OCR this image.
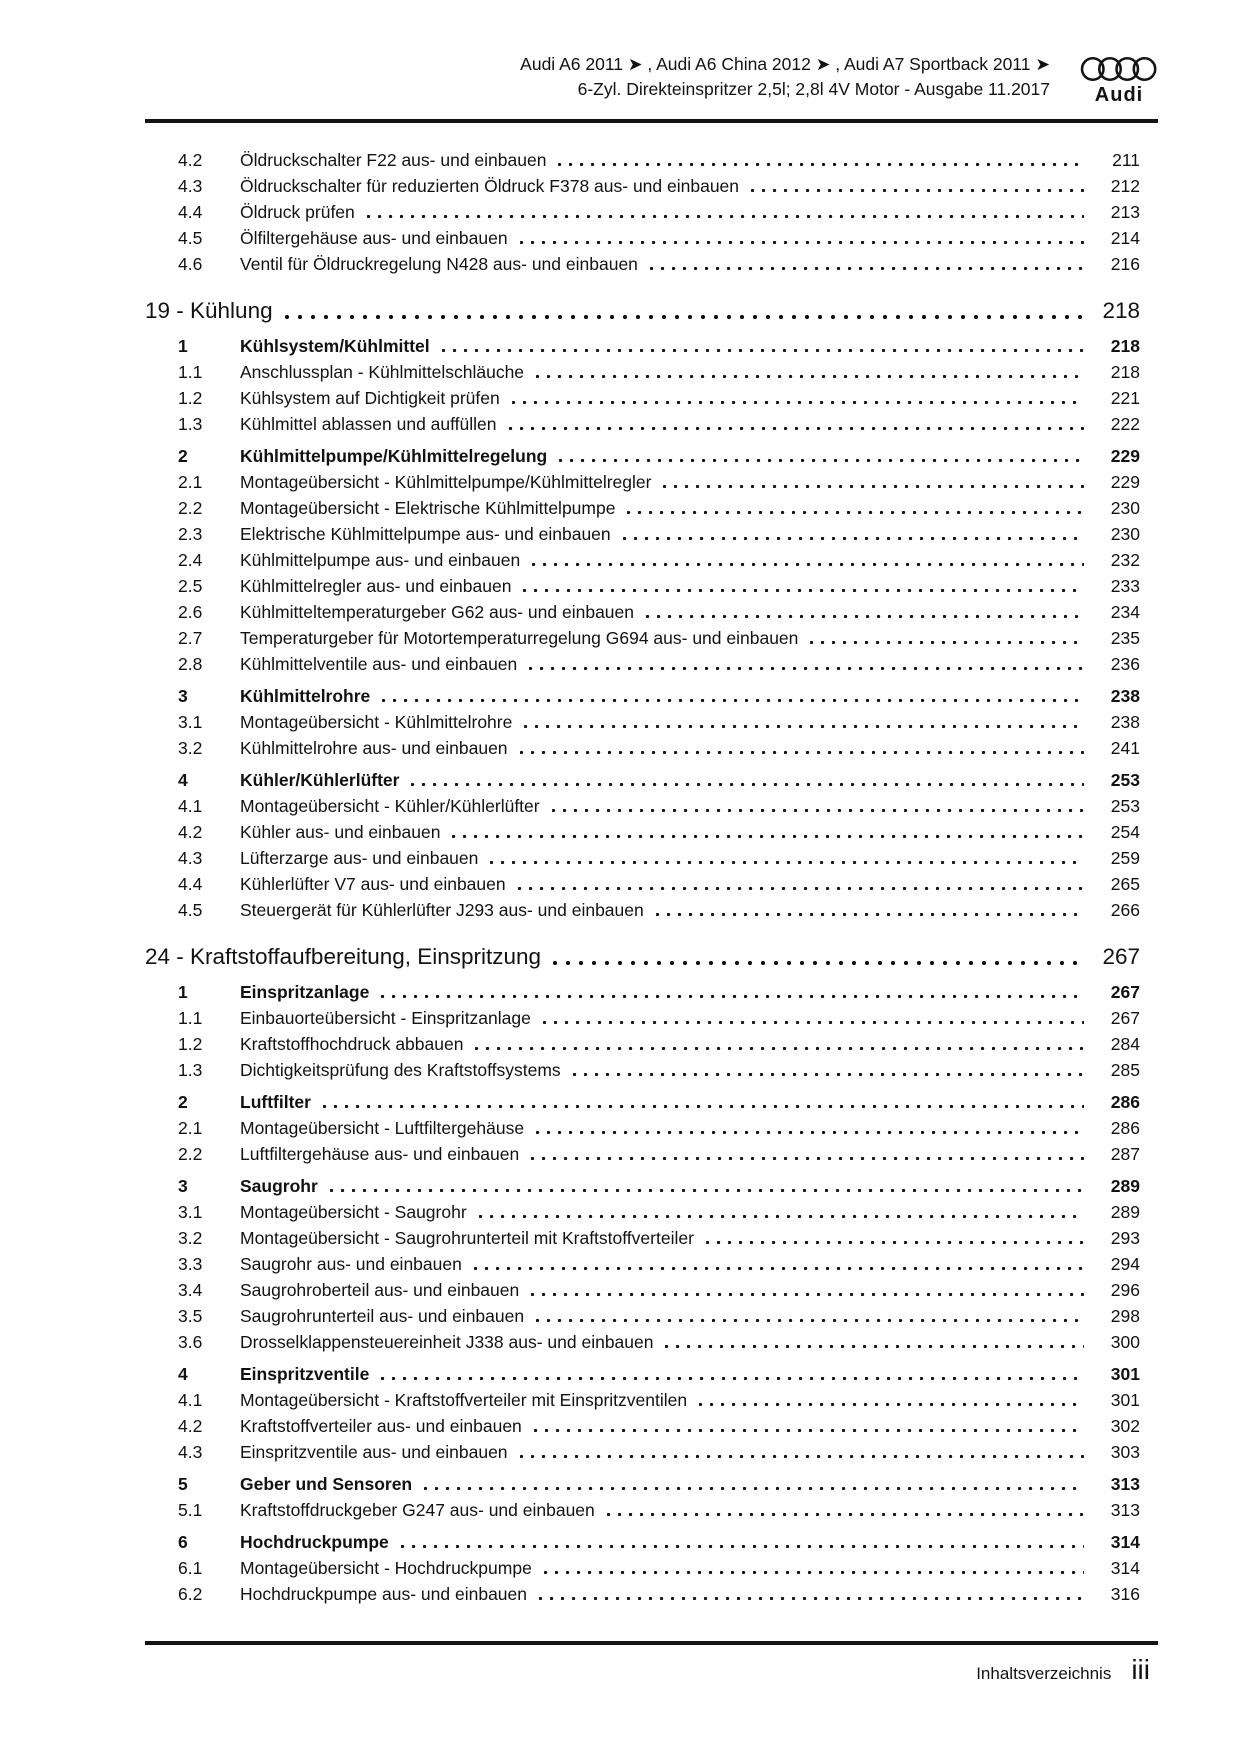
Audi A6 2011 ➤ , Audi A6 China 2012 ➤ , Audi A7 Sportback 2011 ➤
6-Zyl. Direkteinspritzer 2,5l; 2,8l 4V Motor - Ausgabe 11.2017 Audi
4.2	Öldruckschalter F22 aus- und einbauen	211
4.3	Öldruckschalter für reduzierten Öldruck F378 aus- und einbauen	212
4.4	Öldruck prüfen	213
4.5	Ölfiltergehäuse aus- und einbauen	214
4.6	Ventil für Öldruckregelung N428 aus- und einbauen	216
19 - Kühlung	218
1	Kühlsystem/Kühlmittel	218
1.1	Anschlussplan - Kühlmittelschläuche	218
1.2	Kühlsystem auf Dichtigkeit prüfen	221
1.3	Kühlmittel ablassen und auffüllen	222
2	Kühlmittelpumpe/Kühlmittelregelung	229
2.1	Montageübersicht - Kühlmittelpumpe/Kühlmittelregler	229
2.2	Montageübersicht - Elektrische Kühlmittelpumpe	230
2.3	Elektrische Kühlmittelpumpe aus- und einbauen	230
2.4	Kühlmittelpumpe aus- und einbauen	232
2.5	Kühlmittelregler aus- und einbauen	233
2.6	Kühlmitteltemperaturgeber G62 aus- und einbauen	234
2.7	Temperaturgeber für Motortemperaturregelung G694 aus- und einbauen	235
2.8	Kühlmittelventile aus- und einbauen	236
3	Kühlmittelrohre	238
3.1	Montageübersicht - Kühlmittelrohre	238
3.2	Kühlmittelrohre aus- und einbauen	241
4	Kühler/Kühlerlüfter	253
4.1	Montageübersicht - Kühler/Kühlerlüfter	253
4.2	Kühler aus- und einbauen	254
4.3	Lüfterzarge aus- und einbauen	259
4.4	Kühlerlüfter V7 aus- und einbauen	265
4.5	Steuergerät für Kühlerlüfter J293 aus- und einbauen	266
24 - Kraftstoffaufbereitung, Einspritzung	267
1	Einspritzanlage	267
1.1	Einbauorteübersicht - Einspritzanlage	267
1.2	Kraftstoffhochdruck abbauen	284
1.3	Dichtigkeitsprüfung des Kraftstoffsystems	285
2	Luftfilter	286
2.1	Montageübersicht - Luftfiltergehäuse	286
2.2	Luftfiltergehäuse aus- und einbauen	287
3	Saugrohr	289
3.1	Montageübersicht - Saugrohr	289
3.2	Montageübersicht - Saugrohrunterteil mit Kraftstoffverteiler	293
3.3	Saugrohr aus- und einbauen	294
3.4	Saugrohroberteil aus- und einbauen	296
3.5	Saugrohrunterteil aus- und einbauen	298
3.6	Drosselklappensteuereinheit J338 aus- und einbauen	300
4	Einspritzventile	301
4.1	Montageübersicht - Kraftstoffverteiler mit Einspritzventilen	301
4.2	Kraftstoffverteiler aus- und einbauen	302
4.3	Einspritzventile aus- und einbauen	303
5	Geber und Sensoren	313
5.1	Kraftstoffdruckgeber G247 aus- und einbauen	313
6	Hochdruckpumpe	314
6.1	Montageübersicht - Hochdruckpumpe	314
6.2	Hochdruckpumpe aus- und einbauen	316
Inhaltsverzeichnis iii
